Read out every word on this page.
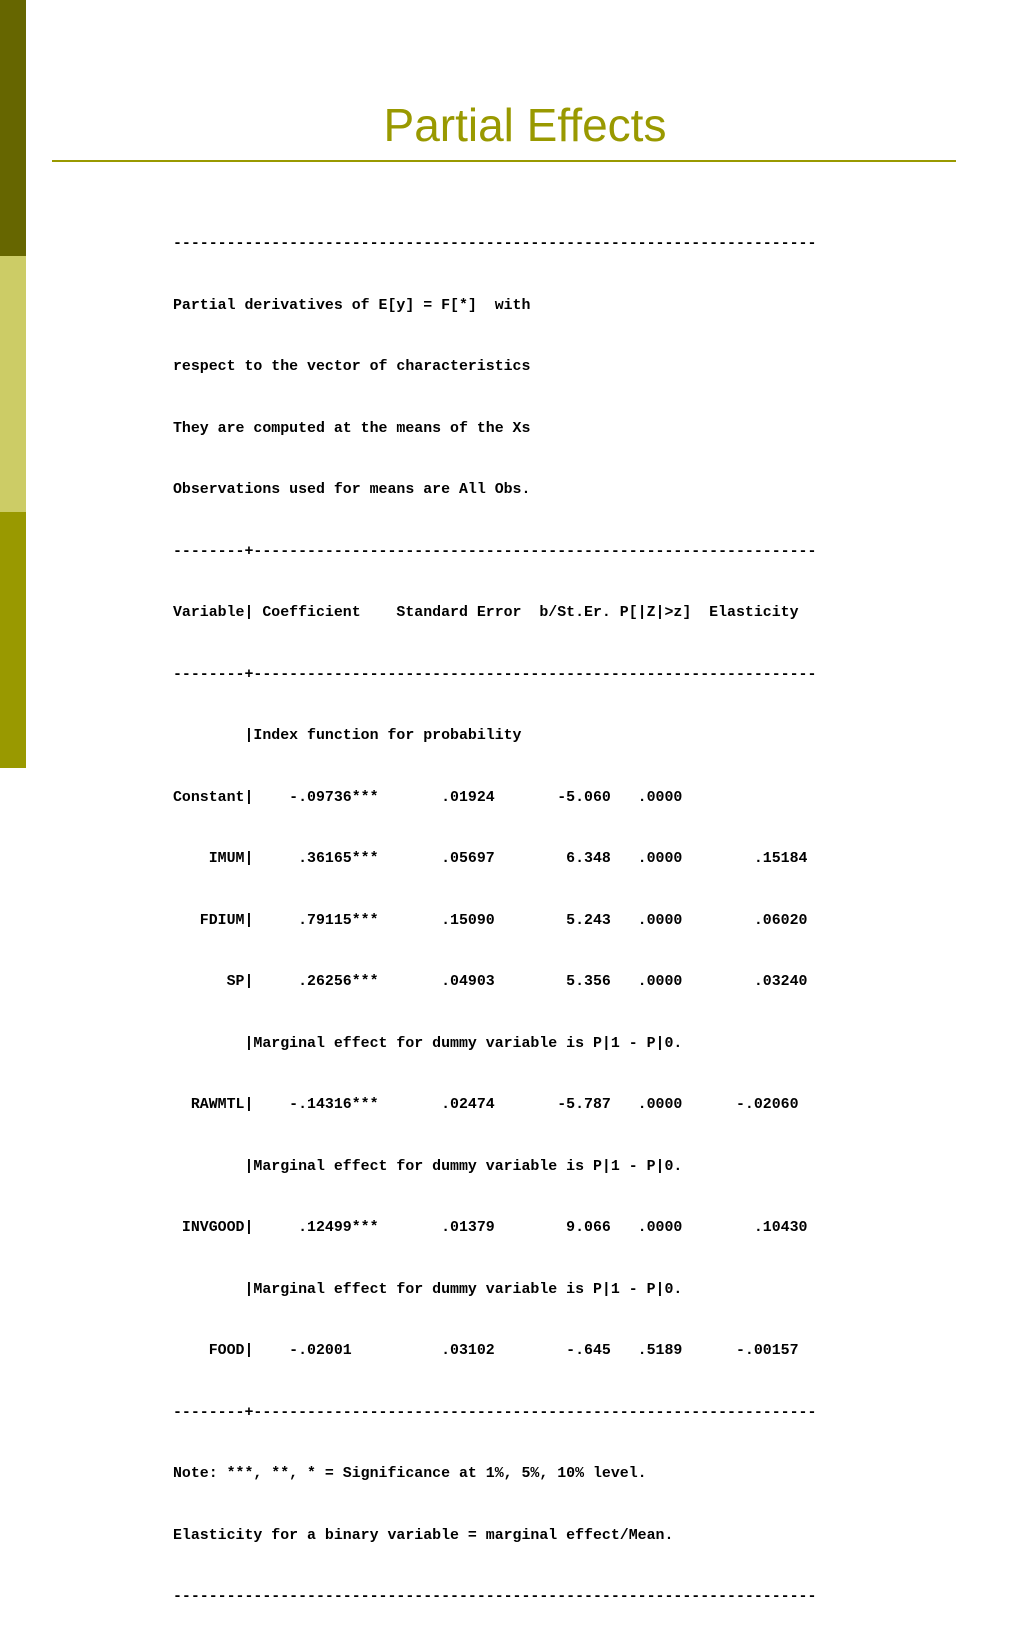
Partial Effects

------------------------------------------------------------------------

Partial derivatives of E[y] = F[*]  with

respect to the vector of characteristics

They are computed at the means of the Xs

Observations used for means are All Obs.

--------+---------------------------------------------------------------

Variable| Coefficient    Standard Error  b/St.Er. P[|Z|>z]  Elasticity

--------+---------------------------------------------------------------

|Index function for probability

Constant|    -.09736***       .01924       -5.060   .0000

IMUM|     .36165***       .05697        6.348   .0000        .15184

FDIUM|     .79115***       .15090        5.243   .0000        .06020

SP|     .26256***       .04903        5.356   .0000        .03240

|Marginal effect for dummy variable is P|1 - P|0.

RAWMTL|    -.14316***       .02474       -5.787   .0000      -.02060

|Marginal effect for dummy variable is P|1 - P|0.

INVGOOD|     .12499***       .01379        9.066   .0000        .10430

|Marginal effect for dummy variable is P|1 - P|0.

FOOD|    -.02001          .03102        -.645   .5189      -.00157

--------+---------------------------------------------------------------

Note: ***, **, * = Significance at 1%, 5%, 10% level.

Elasticity for a binary variable = marginal effect/Mean.

------------------------------------------------------------------------
